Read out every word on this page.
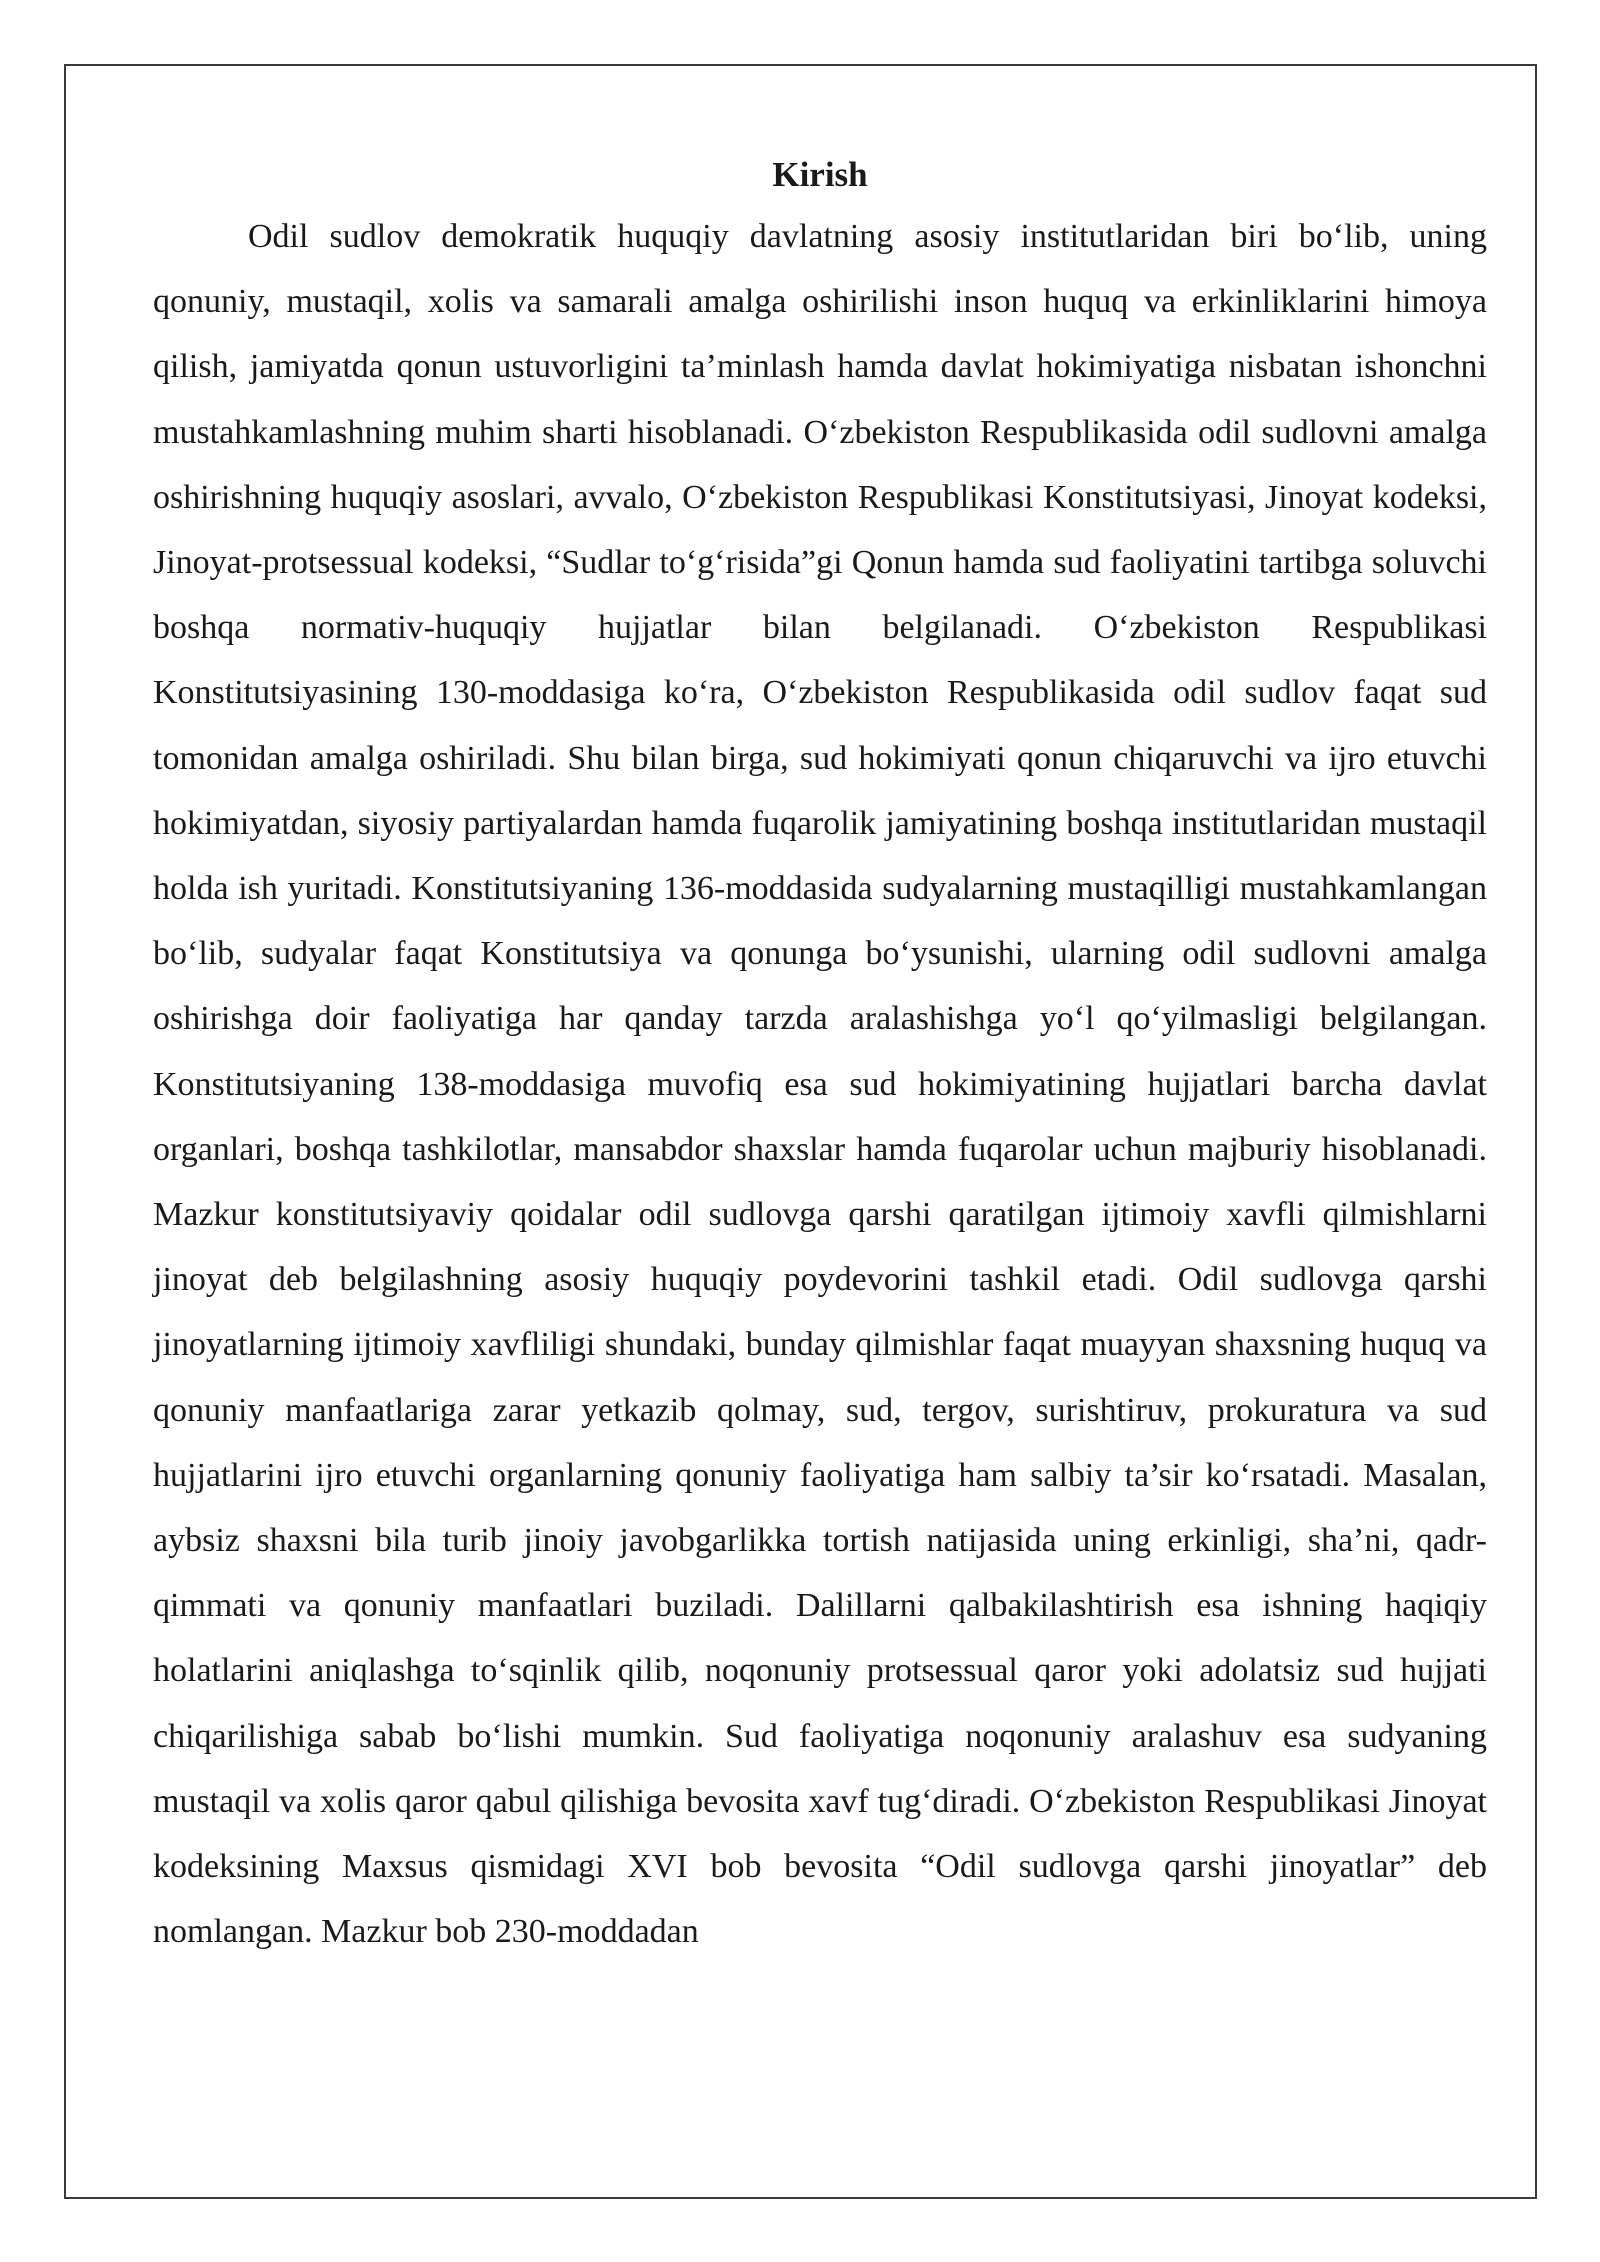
Kirish

Odil sudlov demokratik huquqiy davlatning asosiy institutlaridan biri bo‘lib, uning qonuniy, mustaqil, xolis va samarali amalga oshirilishi inson huquq va erkinliklarini himoya qilish, jamiyatda qonun ustuvorligini ta’minlash hamda davlat hokimiyatiga nisbatan ishonchni mustahkamlashning muhim sharti hisoblanadi. O‘zbekiston Respublikasida odil sudlovni amalga oshirishning huquqiy asoslari, avvalo, O‘zbekiston Respublikasi Konstitutsiyasi, Jinoyat kodeksi, Jinoyat-protsessual kodeksi, “Sudlar to‘g‘risida”gi Qonun hamda sud faoliyatini tartibga soluvchi boshqa normativ-huquqiy hujjatlar bilan belgilanadi. O‘zbekiston Respublikasi Konstitutsiyasining 130-moddasiga ko‘ra, O‘zbekiston Respublikasida odil sudlov faqat sud tomonidan amalga oshiriladi. Shu bilan birga, sud hokimiyati qonun chiqaruvchi va ijro etuvchi hokimiyatdan, siyosiy partiyalardan hamda fuqarolik jamiyatining boshqa institutlaridan mustaqil holda ish yuritadi. Konstitutsiyaning 136-moddasida sudyalarning mustaqilligi mustahkamlangan bo‘lib, sudyalar faqat Konstitutsiya va qonunga bo‘ysunishi, ularning odil sudlovni amalga oshirishga doir faoliyatiga har qanday tarzda aralashishga yo‘l qo‘yilmasligi belgilangan. Konstitutsiyaning 138-moddasiga muvofiq esa sud hokimiyatining hujjatlari barcha davlat organlari, boshqa tashkilotlar, mansabdor shaxslar hamda fuqarolar uchun majburiy hisoblanadi. Mazkur konstitutsiyaviy qoidalar odil sudlovga qarshi qaratilgan ijtimoiy xavfli qilmishlarni jinoyat deb belgilashning asosiy huquqiy poydevorini tashkil etadi. Odil sudlovga qarshi jinoyatlarning ijtimoiy xavfliligi shundaki, bunday qilmishlar faqat muayyan shaxsning huquq va qonuniy manfaatlariga zarar yetkazib qolmay, sud, tergov, surishtiruv, prokuratura va sud hujjatlarini ijro etuvchi organlarning qonuniy faoliyatiga ham salbiy ta’sir ko‘rsatadi. Masalan, aybsiz shaxsni bila turib jinoiy javobgarlikka tortish natijasida uning erkinligi, sha’ni, qadr-qimmati va qonuniy manfaatlari buziladi. Dalillarni qalbakilashtirish esa ishning haqiqiy holatlarini aniqlashga to‘sqinlik qilib, noqonuniy protsessual qaror yoki adolatsiz sud hujjati chiqarilishiga sabab bo‘lishi mumkin. Sud faoliyatiga noqonuniy aralashuv esa sudyaning mustaqil va xolis qaror qabul qilishiga bevosita xavf tug‘diradi. O‘zbekiston Respublikasi Jinoyat kodeksining Maxsus qismidagi XVI bob bevosita “Odil sudlovga qarshi jinoyatlar” deb nomlangan. Mazkur bob 230-moddadan
